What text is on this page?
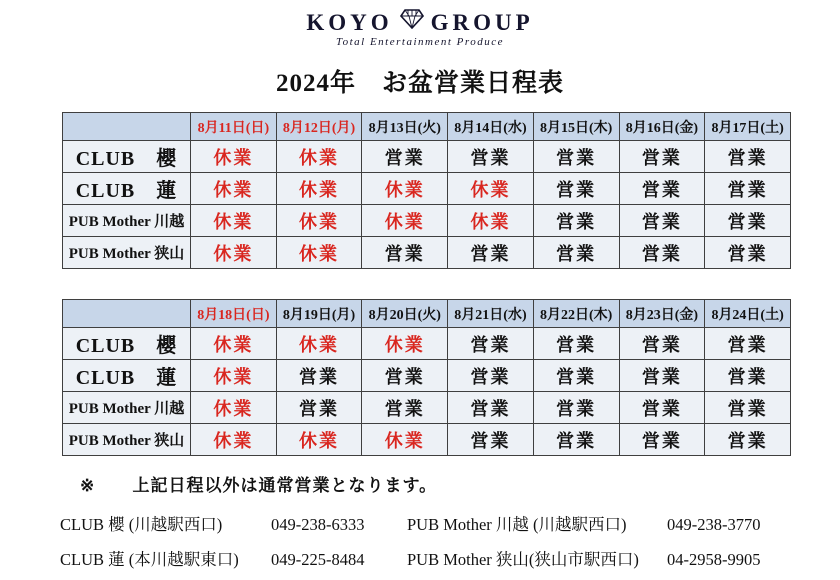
KOYO GROUP
Total Entertainment Produce
2024年　お盆営業日程表
	8月11日(日)	8月12日(月)	8月13日(火)	8月14日(水)	8月15日(木)	8月16日(金)	8月17日(土)
CLUB　櫻	休業	休業	営業	営業	営業	営業	営業
CLUB　蓮	休業	休業	休業	休業	営業	営業	営業
PUB Mother 川越	休業	休業	休業	休業	営業	営業	営業
PUB Mother 狭山	休業	休業	営業	営業	営業	営業	営業
	8月18日(日)	8月19日(月)	8月20日(火)	8月21日(水)	8月22日(木)	8月23日(金)	8月24日(土)
CLUB　櫻	休業	休業	休業	営業	営業	営業	営業
CLUB　蓮	休業	営業	営業	営業	営業	営業	営業
PUB Mother 川越	休業	営業	営業	営業	営業	営業	営業
PUB Mother 狭山	休業	休業	休業	営業	営業	営業	営業
※ 上記日程以外は通常営業となります。
CLUB 櫻 (川越駅西口)	049-238-6333	PUB Mother 川越 (川越駅西口)	049-238-3770
CLUB 蓮 (本川越駅東口)	049-225-8484	PUB Mother 狭山(狭山市駅西口)	04-2958-9905
